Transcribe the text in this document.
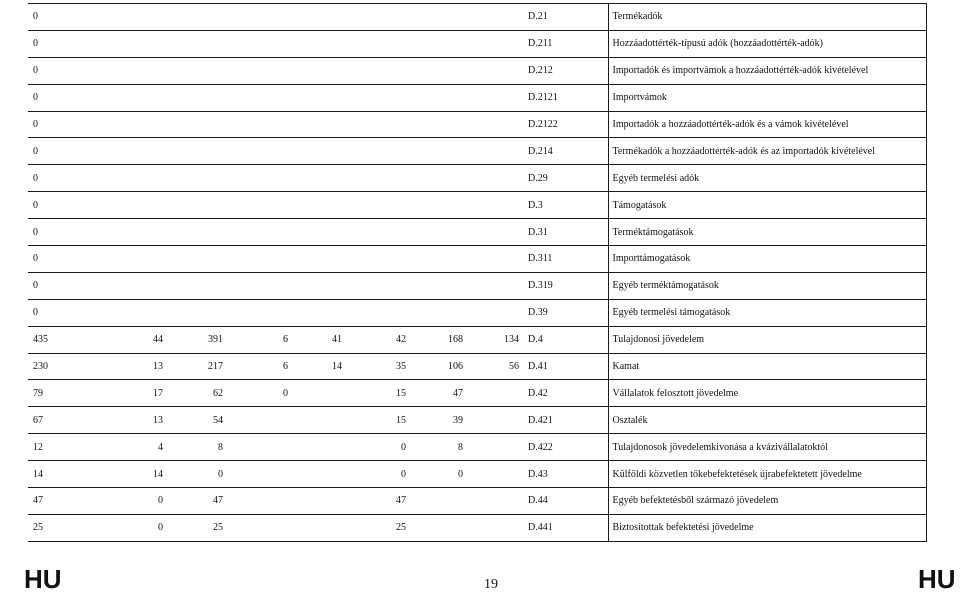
0									D.21	Termékadók
0									D.211	Hozzáadottérték-típusú adók (hozzáadottérték-adók)
0									D.212	Importadók és importvámok a hozzáadottérték-adók kivételével
0									D.2121	Importvámok
0									D.2122	Importadók a hozzáadottérték-adók és a vámok kivételével
0									D.214	Termékadók a hozzáadottérték-adók és az importadók kivételével
0									D.29	Egyéb termelési adók
0									D.3	Támogatások
0									D.31	Terméktámogatások
0									D.311	Importtámogatások
0									D.319	Egyéb terméktámogatások
0									D.39	Egyéb termelési támogatások
435	44	391	6	41	42	168	134		D.4	Tulajdonosi jövedelem
230	13	217	6	14	35	106	56		D.41	Kamat
79	17	62	0		15	47			D.42	Vállalatok felosztott jövedelme
67	13	54			15	39			D.421	Osztalék
12	4	8			0	8			D.422	Tulajdonosok jövedelemkivonása a kvázivállalatoktól
14	14	0			0	0			D.43	Külföldi közvetlen tőkebefektetések újrabefektetett jövedelme
47	0	47			47				D.44	Egyéb befektetésből származó jövedelem
25	0	25			25				D.441	Biztosítottak befektetési jövedelme
HU	19	HU
